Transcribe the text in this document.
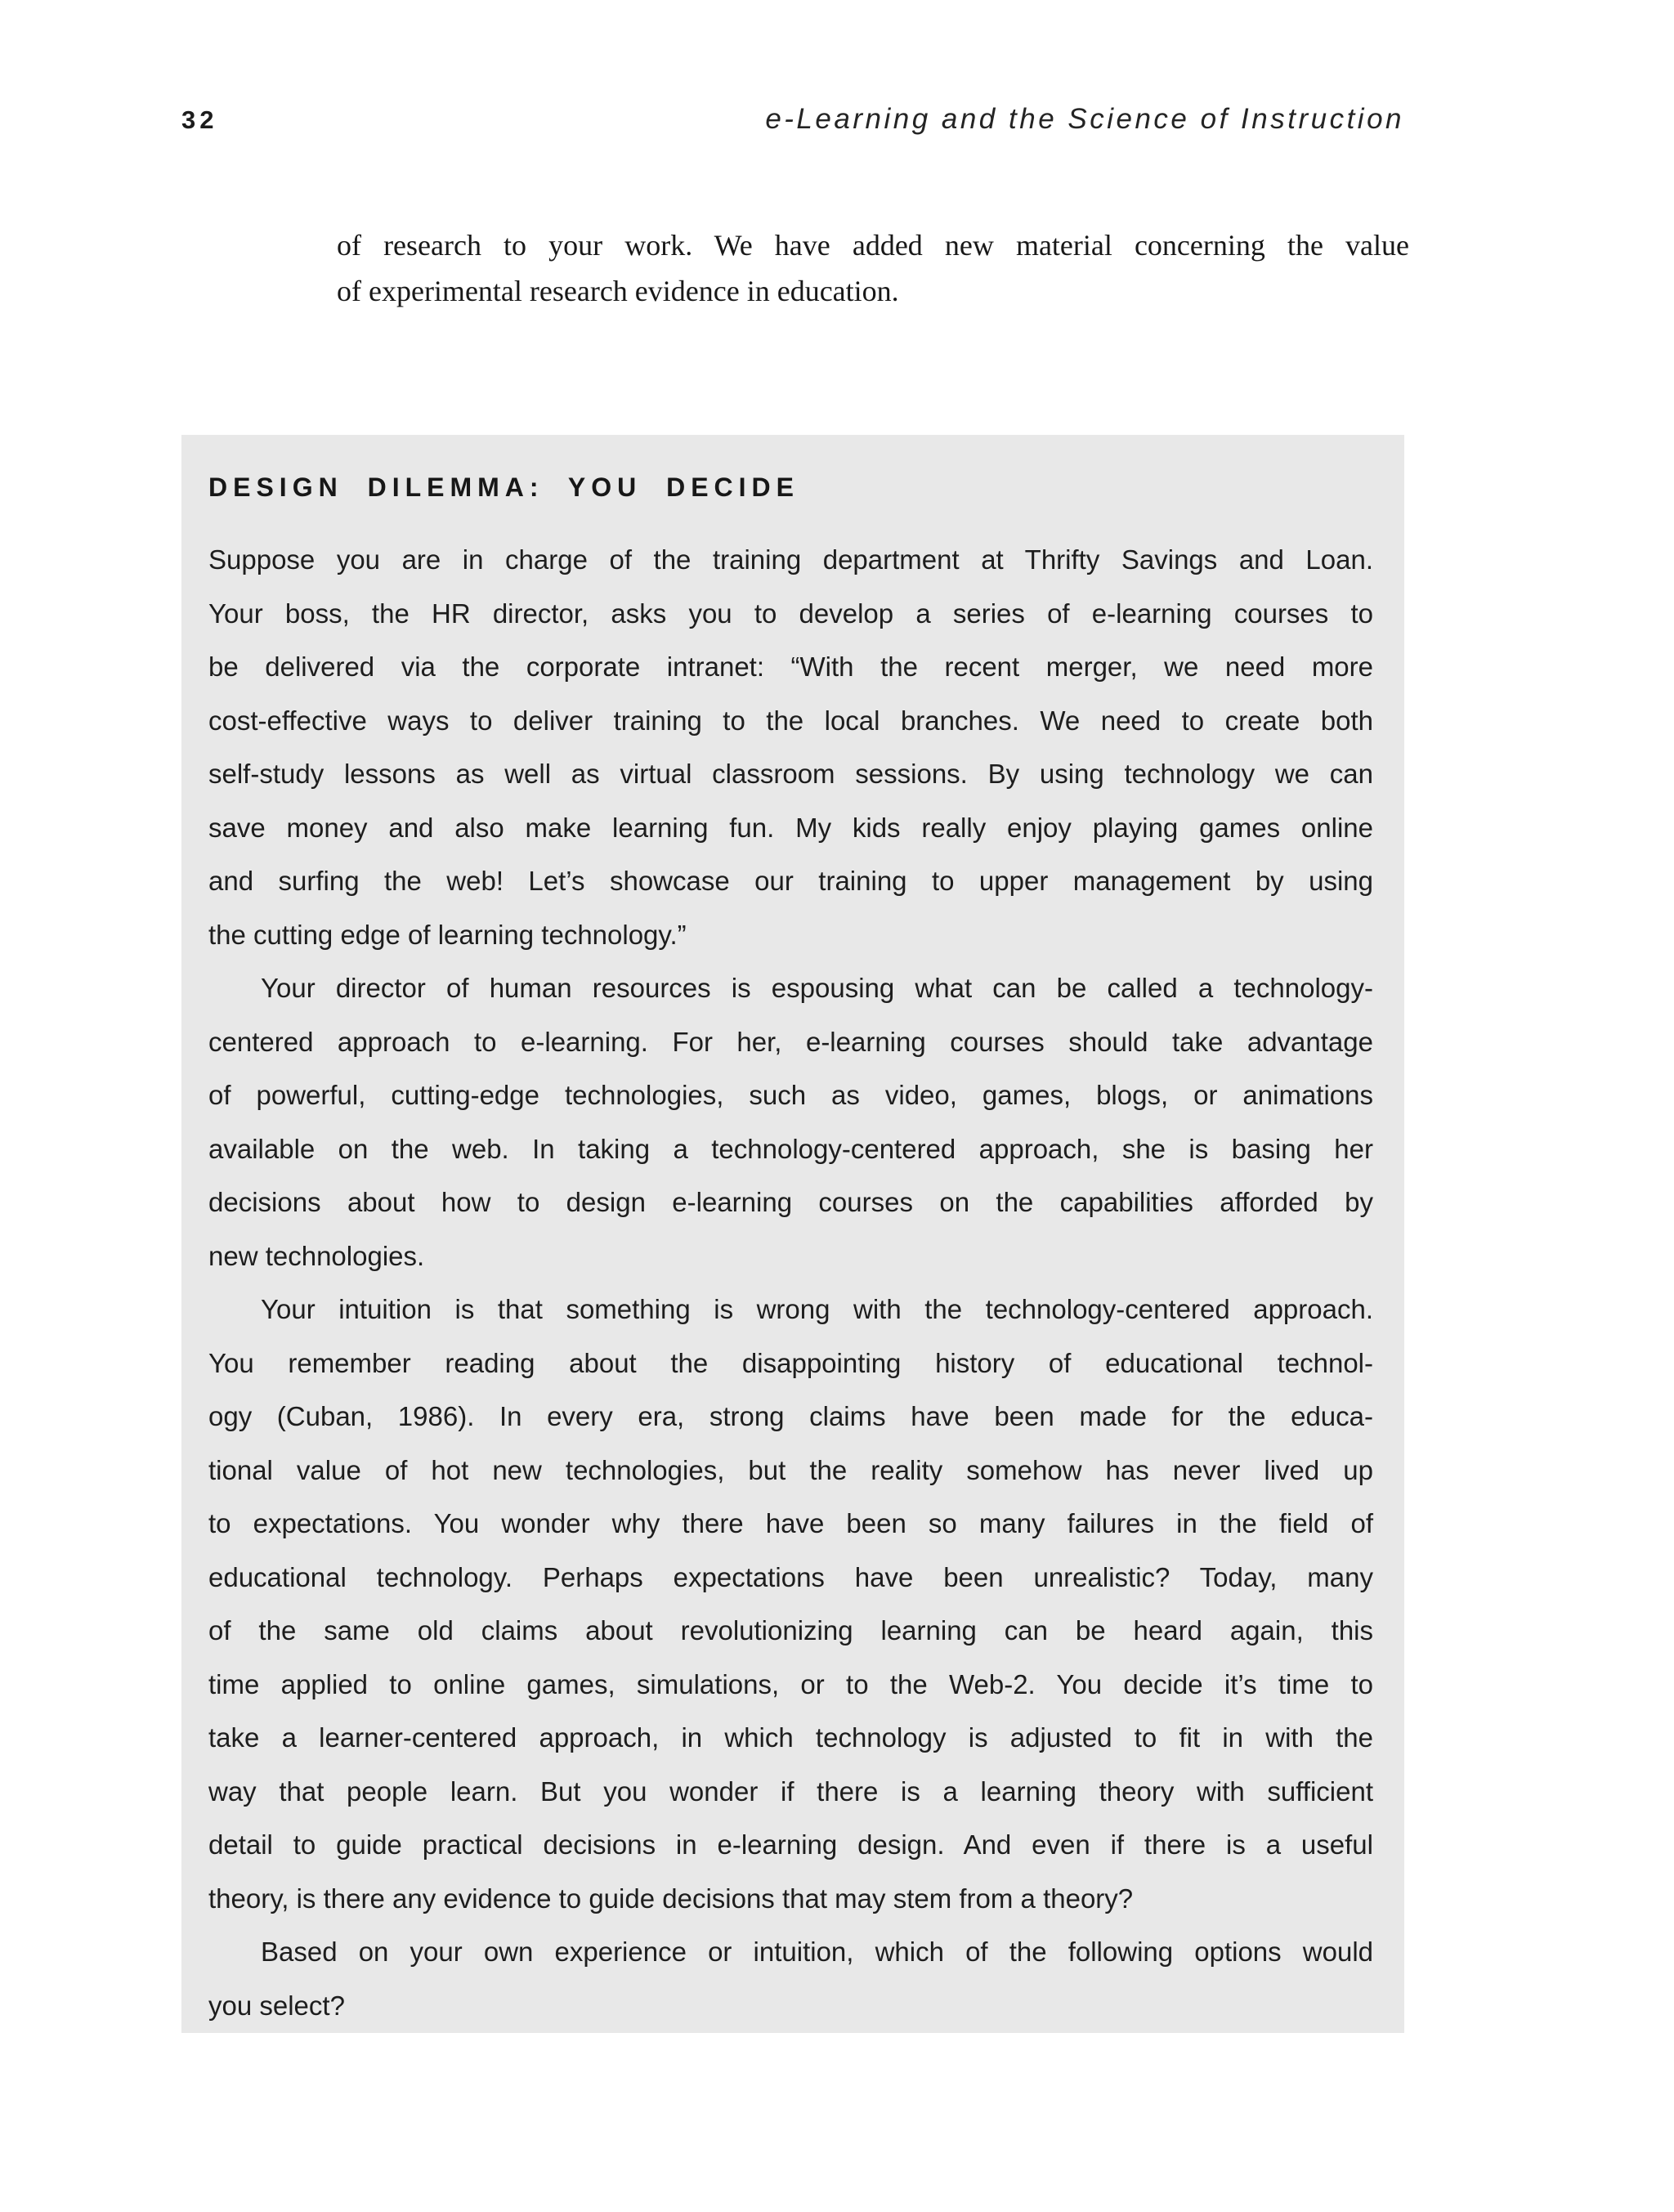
32	e-Learning and the Science of Instruction
of research to your work. We have added new material concerning the value
of experimental research evidence in education.
DESIGN DILEMMA: YOU DECIDE
Suppose you are in charge of the training department at Thrifty Savings and Loan.
Your boss, the HR director, asks you to develop a series of e-learning courses to
be delivered via the corporate intranet: “With the recent merger, we need more
cost-effective ways to deliver training to the local branches. We need to create both
self-study lessons as well as virtual classroom sessions. By using technology we can
save money and also make learning fun. My kids really enjoy playing games online
and surfing the web! Let’s showcase our training to upper management by using
the cutting edge of learning technology.”
Your director of human resources is espousing what can be called a technology-
centered approach to e-learning. For her, e-learning courses should take advantage
of powerful, cutting-edge technologies, such as video, games, blogs, or animations
available on the web. In taking a technology-centered approach, she is basing her
decisions about how to design e-learning courses on the capabilities afforded by
new technologies.
Your intuition is that something is wrong with the technology-centered approach.
You remember reading about the disappointing history of educational technol-
ogy (Cuban, 1986). In every era, strong claims have been made for the educa-
tional value of hot new technologies, but the reality somehow has never lived up
to expectations. You wonder why there have been so many failures in the field of
educational technology. Perhaps expectations have been unrealistic? Today, many
of the same old claims about revolutionizing learning can be heard again, this
time applied to online games, simulations, or to the Web-2. You decide it’s time to
take a learner-centered approach, in which technology is adjusted to fit in with the
way that people learn. But you wonder if there is a learning theory with sufficient
detail to guide practical decisions in e-learning design. And even if there is a useful
theory, is there any evidence to guide decisions that may stem from a theory?
Based on your own experience or intuition, which of the following options would
you select?
